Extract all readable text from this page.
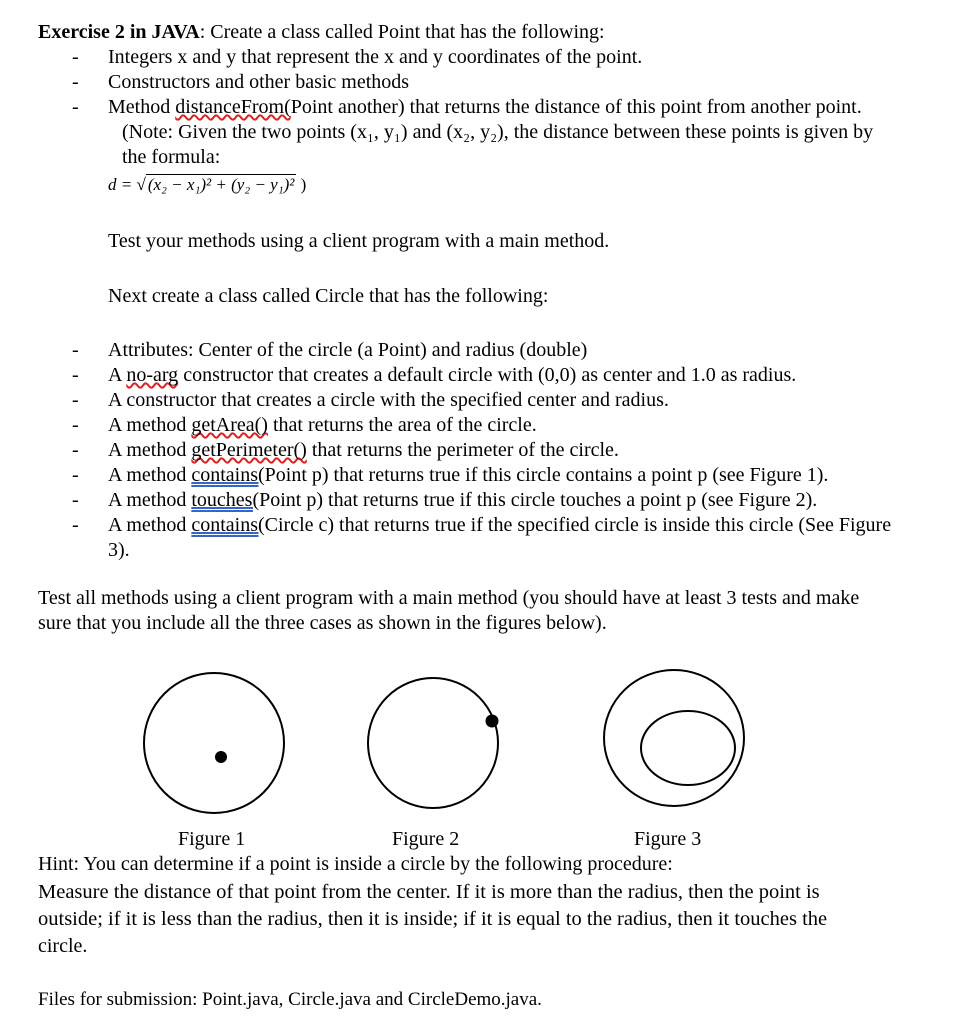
Exercise 2 in JAVA: Create a class called Point that has the following:
- Integers x and y that represent the x and y coordinates of the point.
- Constructors and other basic methods
- Method distanceFrom(Point another) that returns the distance of this point from another point.
(Note: Given the two points (x₁, y₁) and (x₂, y₂), the distance between these points is given by
the formula:
d = √ (x₂ − x₁)² + (y₂ − y₁)² )
Test your methods using a client program with a main method.
Next create a class called Circle that has the following:
- Attributes: Center of the circle (a Point) and radius (double)
- A no-arg constructor that creates a default circle with (0,0) as center and 1.0 as radius.
- A constructor that creates a circle with the specified center and radius.
- A method getArea() that returns the area of the circle.
- A method getPerimeter() that returns the perimeter of the circle.
- A method contains(Point p) that returns true if this circle contains a point p (see Figure 1).
- A method touches(Point p) that returns true if this circle touches a point p (see Figure 2).
- A method contains(Circle c) that returns true if the specified circle is inside this circle (See Figure
3).
Test all methods using a client program with a main method (you should have at least 3 tests and make
sure that you include all the three cases as shown in the figures below).
Figure 1	Figure 2	Figure 3
Hint: You can determine if a point is inside a circle by the following procedure:
Measure the distance of that point from the center. If it is more than the radius, then the point is
outside; if it is less than the radius, then it is inside; if it is equal to the radius, then it touches the
circle.
Files for submission: Point.java, Circle.java and CircleDemo.java.
